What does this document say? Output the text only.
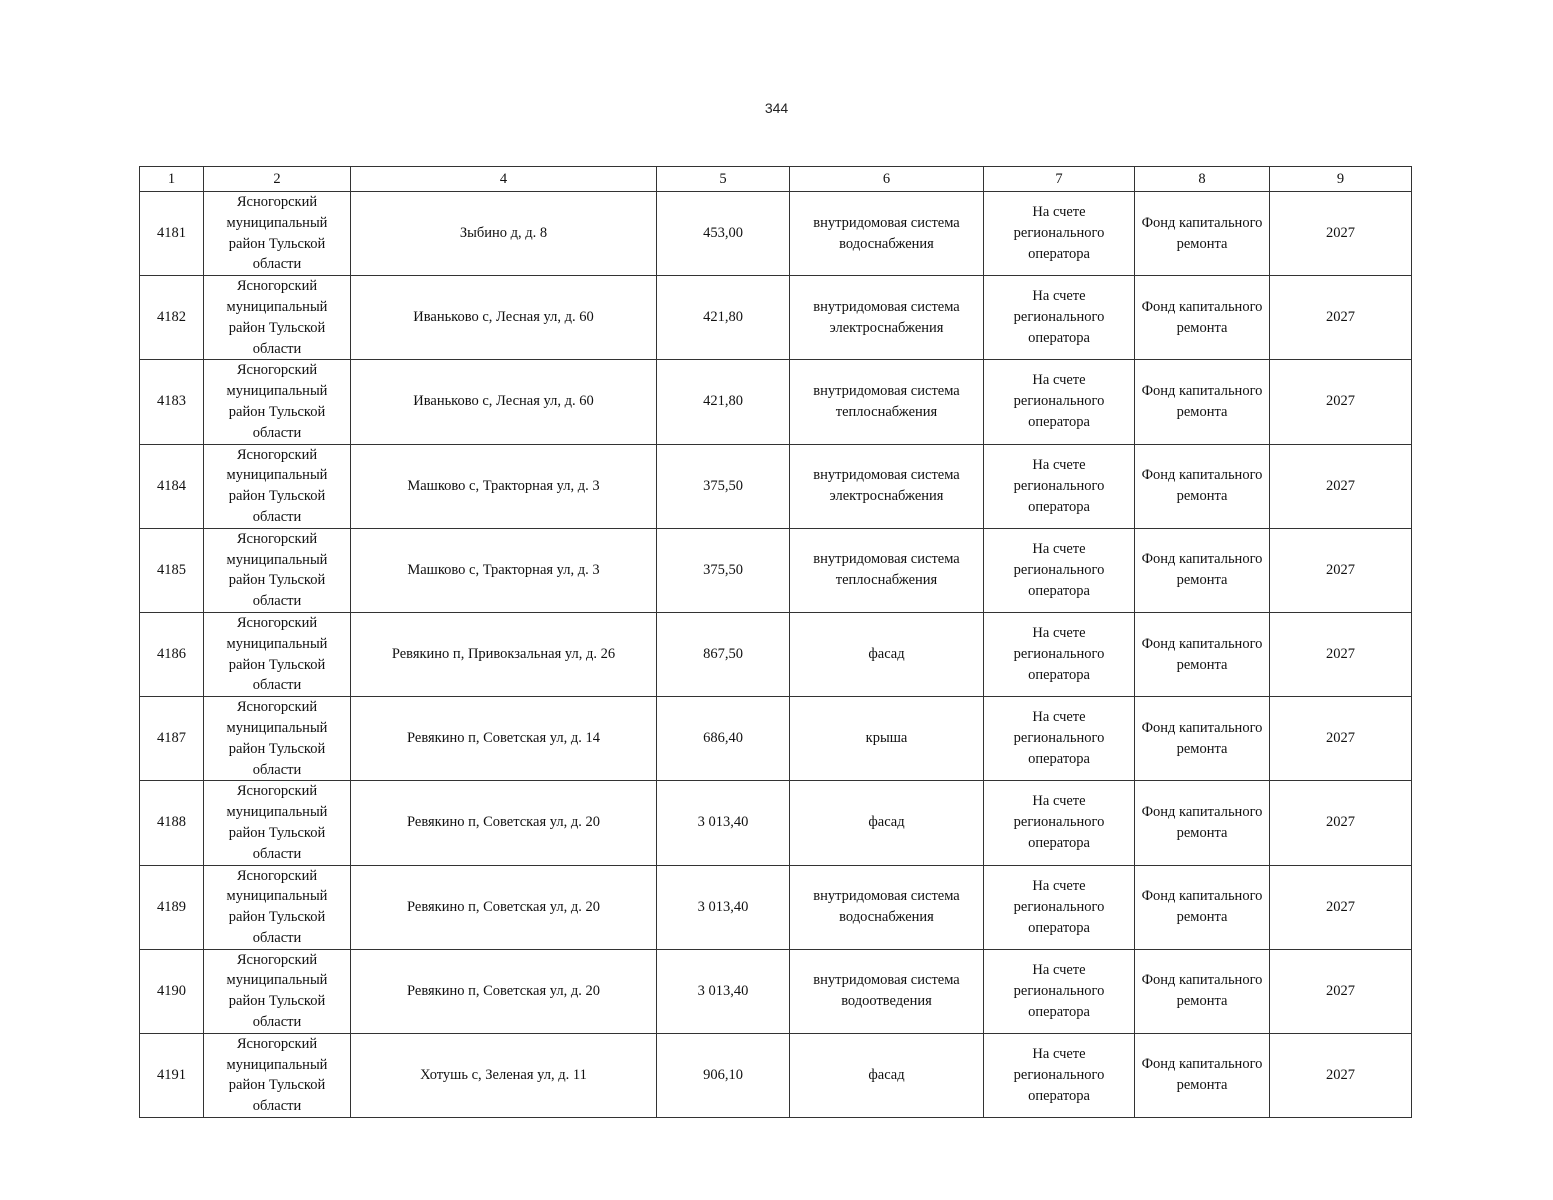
344
1	2	4	5	6	7	8	9
4181	Ясногорский муниципальный район Тульской области	Зыбино д, д. 8	453,00	внутридомовая система водоснабжения	На счете регионального оператора	Фонд капитального ремонта	2027
4182	Ясногорский муниципальный район Тульской области	Иваньково с, Лесная ул, д. 60	421,80	внутридомовая система электроснабжения	На счете регионального оператора	Фонд капитального ремонта	2027
4183	Ясногорский муниципальный район Тульской области	Иваньково с, Лесная ул, д. 60	421,80	внутридомовая система теплоснабжения	На счете регионального оператора	Фонд капитального ремонта	2027
4184	Ясногорский муниципальный район Тульской области	Машково с, Тракторная ул, д. 3	375,50	внутридомовая система электроснабжения	На счете регионального оператора	Фонд капитального ремонта	2027
4185	Ясногорский муниципальный район Тульской области	Машково с, Тракторная ул, д. 3	375,50	внутридомовая система теплоснабжения	На счете регионального оператора	Фонд капитального ремонта	2027
4186	Ясногорский муниципальный район Тульской области	Ревякино п, Привокзальная ул, д. 26	867,50	фасад	На счете регионального оператора	Фонд капитального ремонта	2027
4187	Ясногорский муниципальный район Тульской области	Ревякино п, Советская ул, д. 14	686,40	крыша	На счете регионального оператора	Фонд капитального ремонта	2027
4188	Ясногорский муниципальный район Тульской области	Ревякино п, Советская ул, д. 20	3 013,40	фасад	На счете регионального оператора	Фонд капитального ремонта	2027
4189	Ясногорский муниципальный район Тульской области	Ревякино п, Советская ул, д. 20	3 013,40	внутридомовая система водоснабжения	На счете регионального оператора	Фонд капитального ремонта	2027
4190	Ясногорский муниципальный район Тульской области	Ревякино п, Советская ул, д. 20	3 013,40	внутридомовая система водоотведения	На счете регионального оператора	Фонд капитального ремонта	2027
4191	Ясногорский муниципальный район Тульской области	Хотушь с, Зеленая ул, д. 11	906,10	фасад	На счете регионального оператора	Фонд капитального ремонта	2027
